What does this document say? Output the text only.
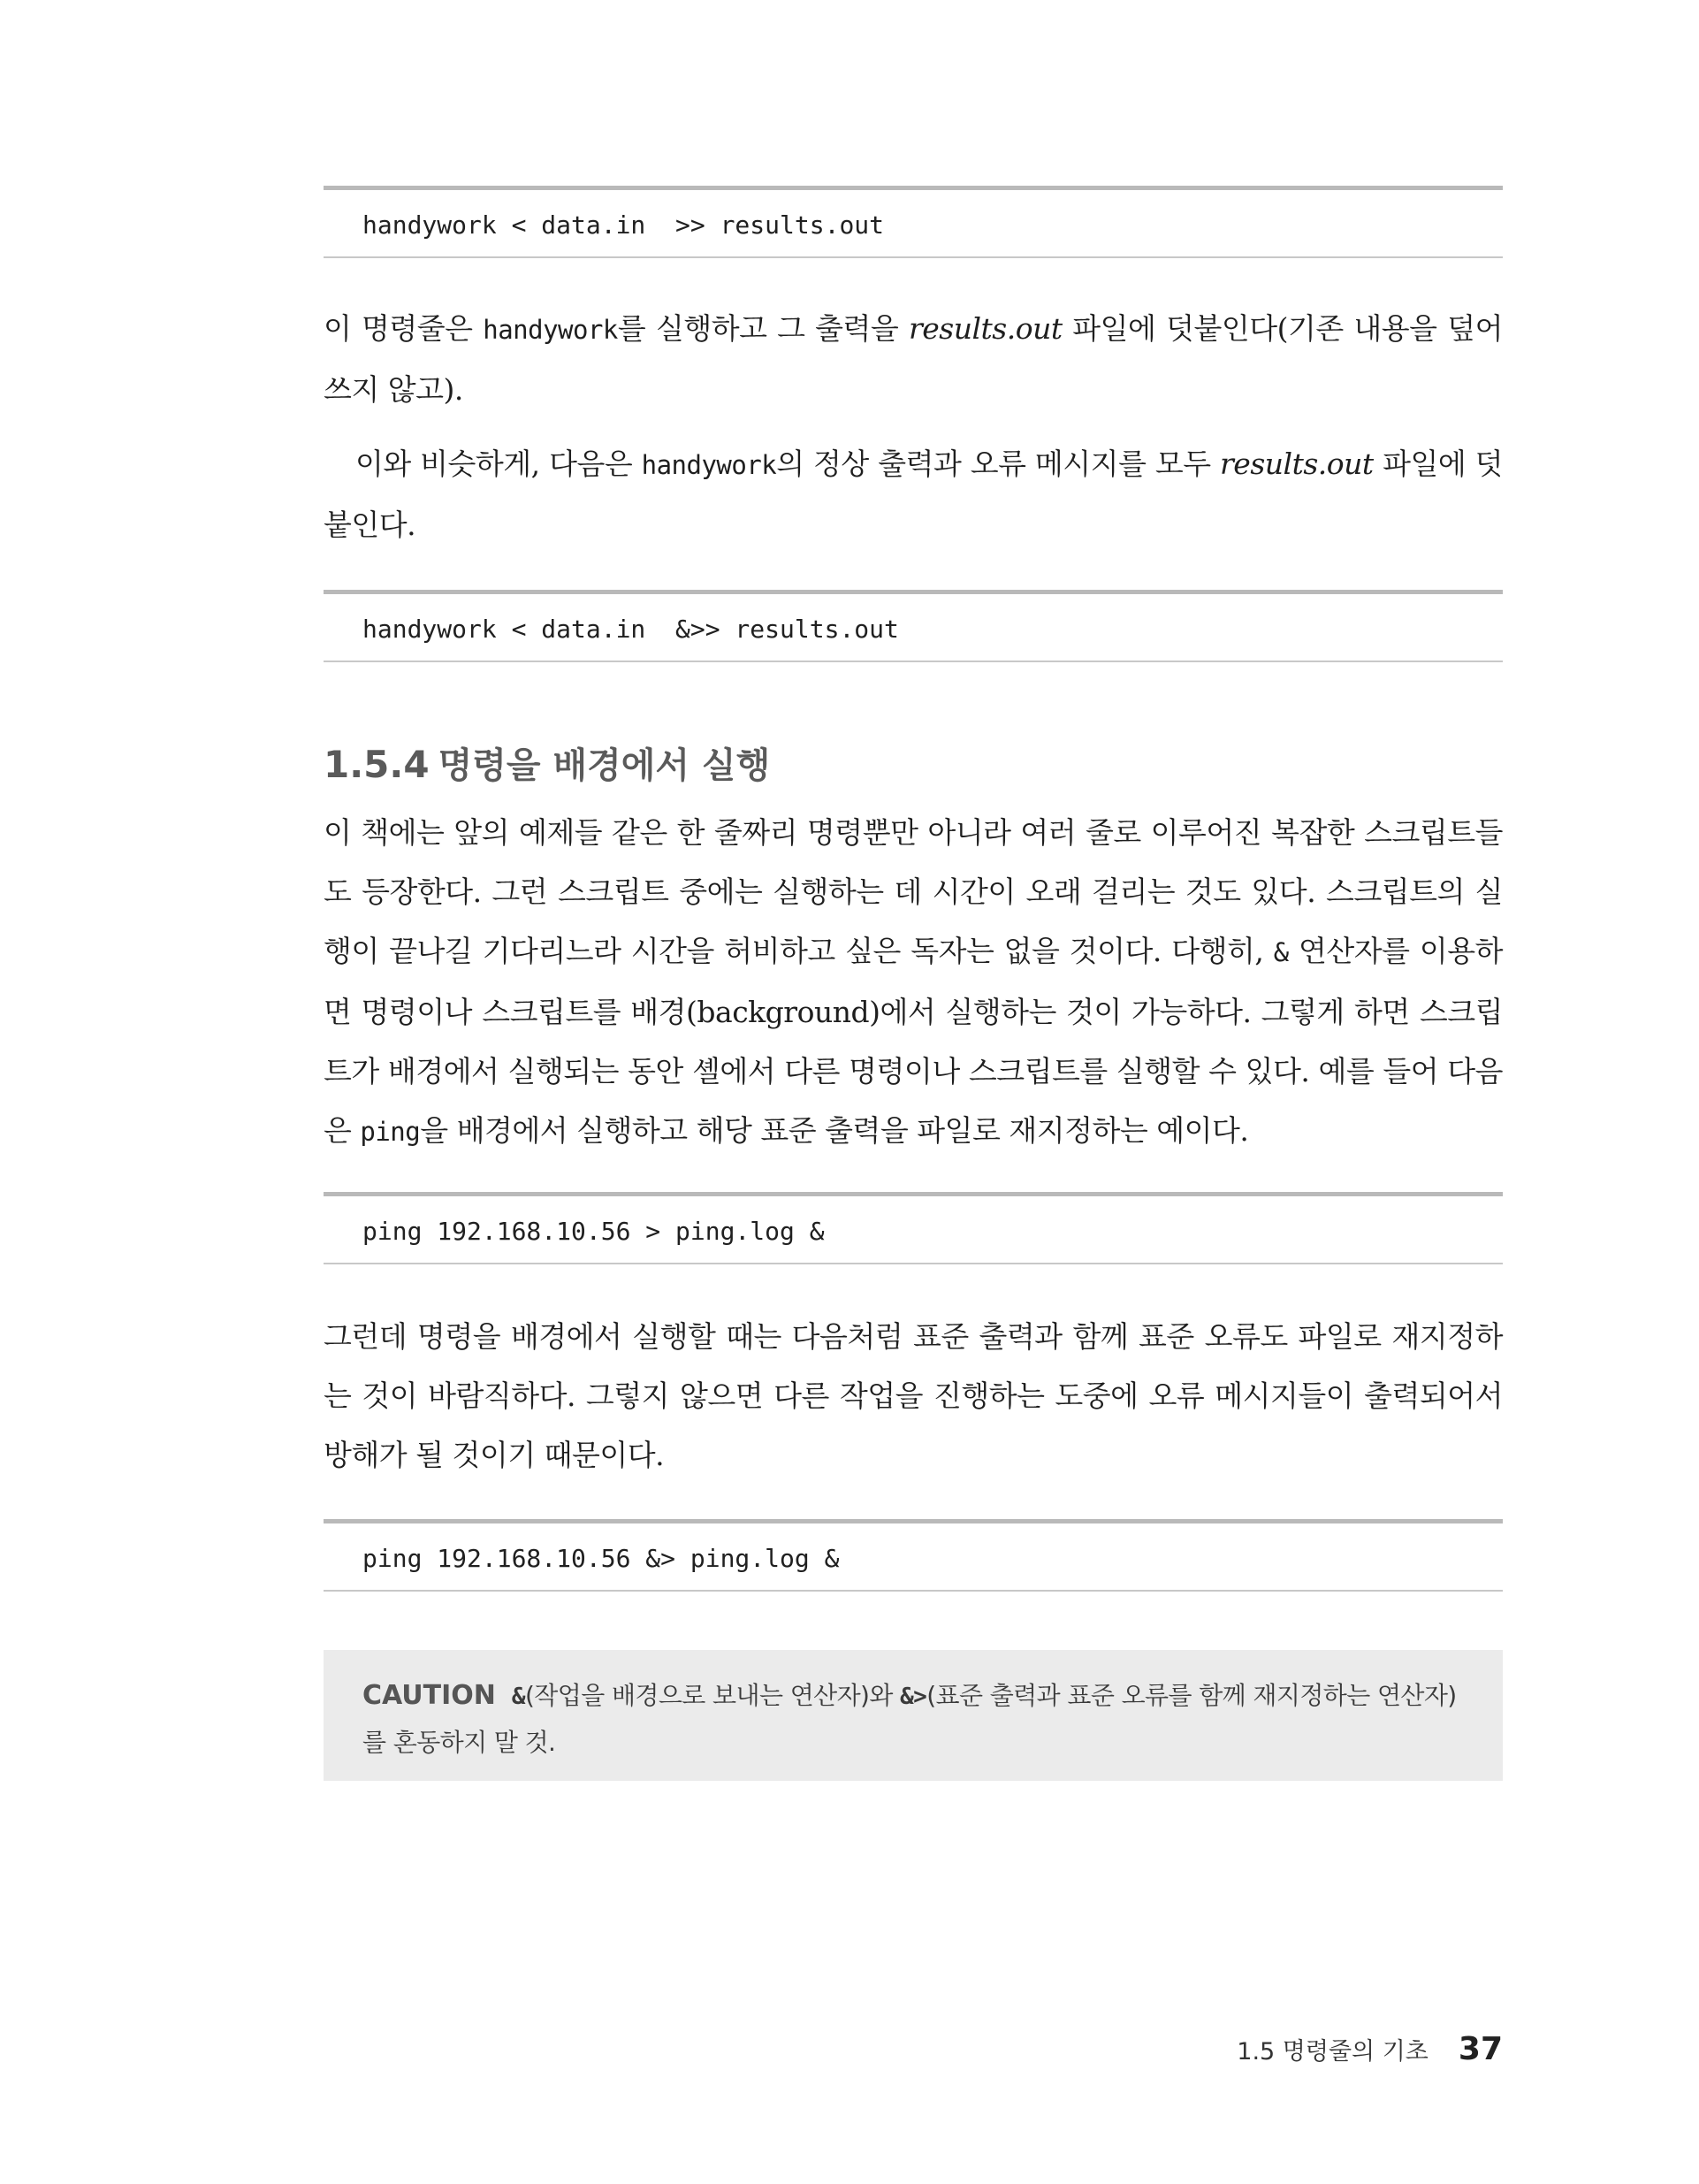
handywork < data.in  >> results.out

이 명령줄은 handywork를 실행하고 그 출력을 results.out 파일에 덧붙인다(기존 내용을 덮어 쓰지 않고).

이와 비슷하게, 다음은 handywork의 정상 출력과 오류 메시지를 모두 results.out 파일에 덧붙인다.

handywork < data.in  &>> results.out
1.5.4 명령을 배경에서 실행

이 책에는 앞의 예제들 같은 한 줄짜리 명령뿐만 아니라 여러 줄로 이루어진 복잡한 스크립트들도 등장한다. 그런 스크립트 중에는 실행하는 데 시간이 오래 걸리는 것도 있다. 스크립트의 실행이 끝나길 기다리느라 시간을 허비하고 싶은 독자는 없을 것이다. 다행히, & 연산자를 이용하면 명령이나 스크립트를 배경(background)에서 실행하는 것이 가능하다. 그렇게 하면 스크립트가 배경에서 실행되는 동안 셸에서 다른 명령이나 스크립트를 실행할 수 있다. 예를 들어 다음은 ping을 배경에서 실행하고 해당 표준 출력을 파일로 재지정하는 예이다.

ping 192.168.10.56 > ping.log &

그런데 명령을 배경에서 실행할 때는 다음처럼 표준 출력과 함께 표준 오류도 파일로 재지정하는 것이 바람직하다. 그렇지 않으면 다른 작업을 진행하는 도중에 오류 메시지들이 출력되어서 방해가 될 것이기 때문이다.

ping 192.168.10.56 &> ping.log &
CAUTION &(작업을 배경으로 보내는 연산자)와 &>(표준 출력과 표준 오류를 함께 재지정하는 연산자)를 혼동하지 말 것.
1.5 명령줄의 기초 37
